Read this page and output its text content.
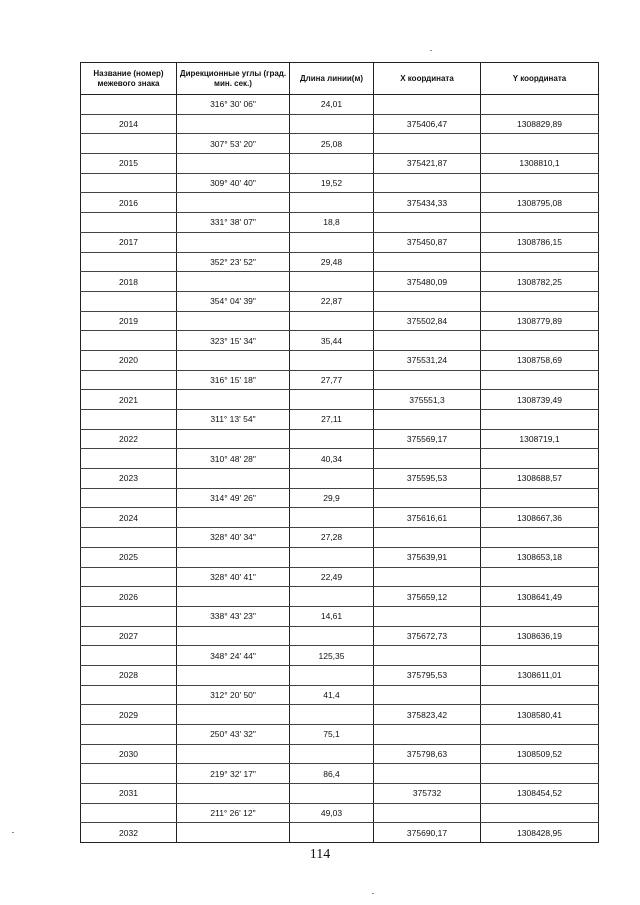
Название (номер) межевого знака	Дирекционные углы (град. мин. сек.)	Длина линии(м)	X координата	Y координата
	316° 30' 06"	24,01		
2014			375406,47	1308829,89
	307° 53' 20"	25,08		
2015			375421,87	1308810,1
	309° 40' 40"	19,52		
2016			375434,33	1308795,08
	331° 38' 07"	18,8		
2017			375450,87	1308786,15
	352° 23' 52"	29,48		
2018			375480,09	1308782,25
	354° 04' 39"	22,87		
2019			375502,84	1308779,89
	323° 15' 34"	35,44		
2020			375531,24	1308758,69
	316° 15' 18"	27,77		
2021			375551,3	1308739,49
	311° 13' 54"	27,11		
2022			375569,17	1308719,1
	310° 48' 28"	40,34		
2023			375595,53	1308688,57
	314° 49' 26"	29,9		
2024			375616,61	1308667,36
	328° 40' 34"	27,28		
2025			375639,91	1308653,18
	328° 40' 41"	22,49		
2026			375659,12	1308641,49
	338° 43' 23"	14,61		
2027			375672,73	1308636,19
	348° 24' 44"	125,35		
2028			375795,53	1308611,01
	312° 20' 50"	41,4		
2029			375823,42	1308580,41
	250° 43' 32"	75,1		
2030			375798,63	1308509,52
	219° 32' 17"	86,4		
2031			375732	1308454,52
	211° 26' 12"	49,03		
2032			375690,17	1308428,95
114
